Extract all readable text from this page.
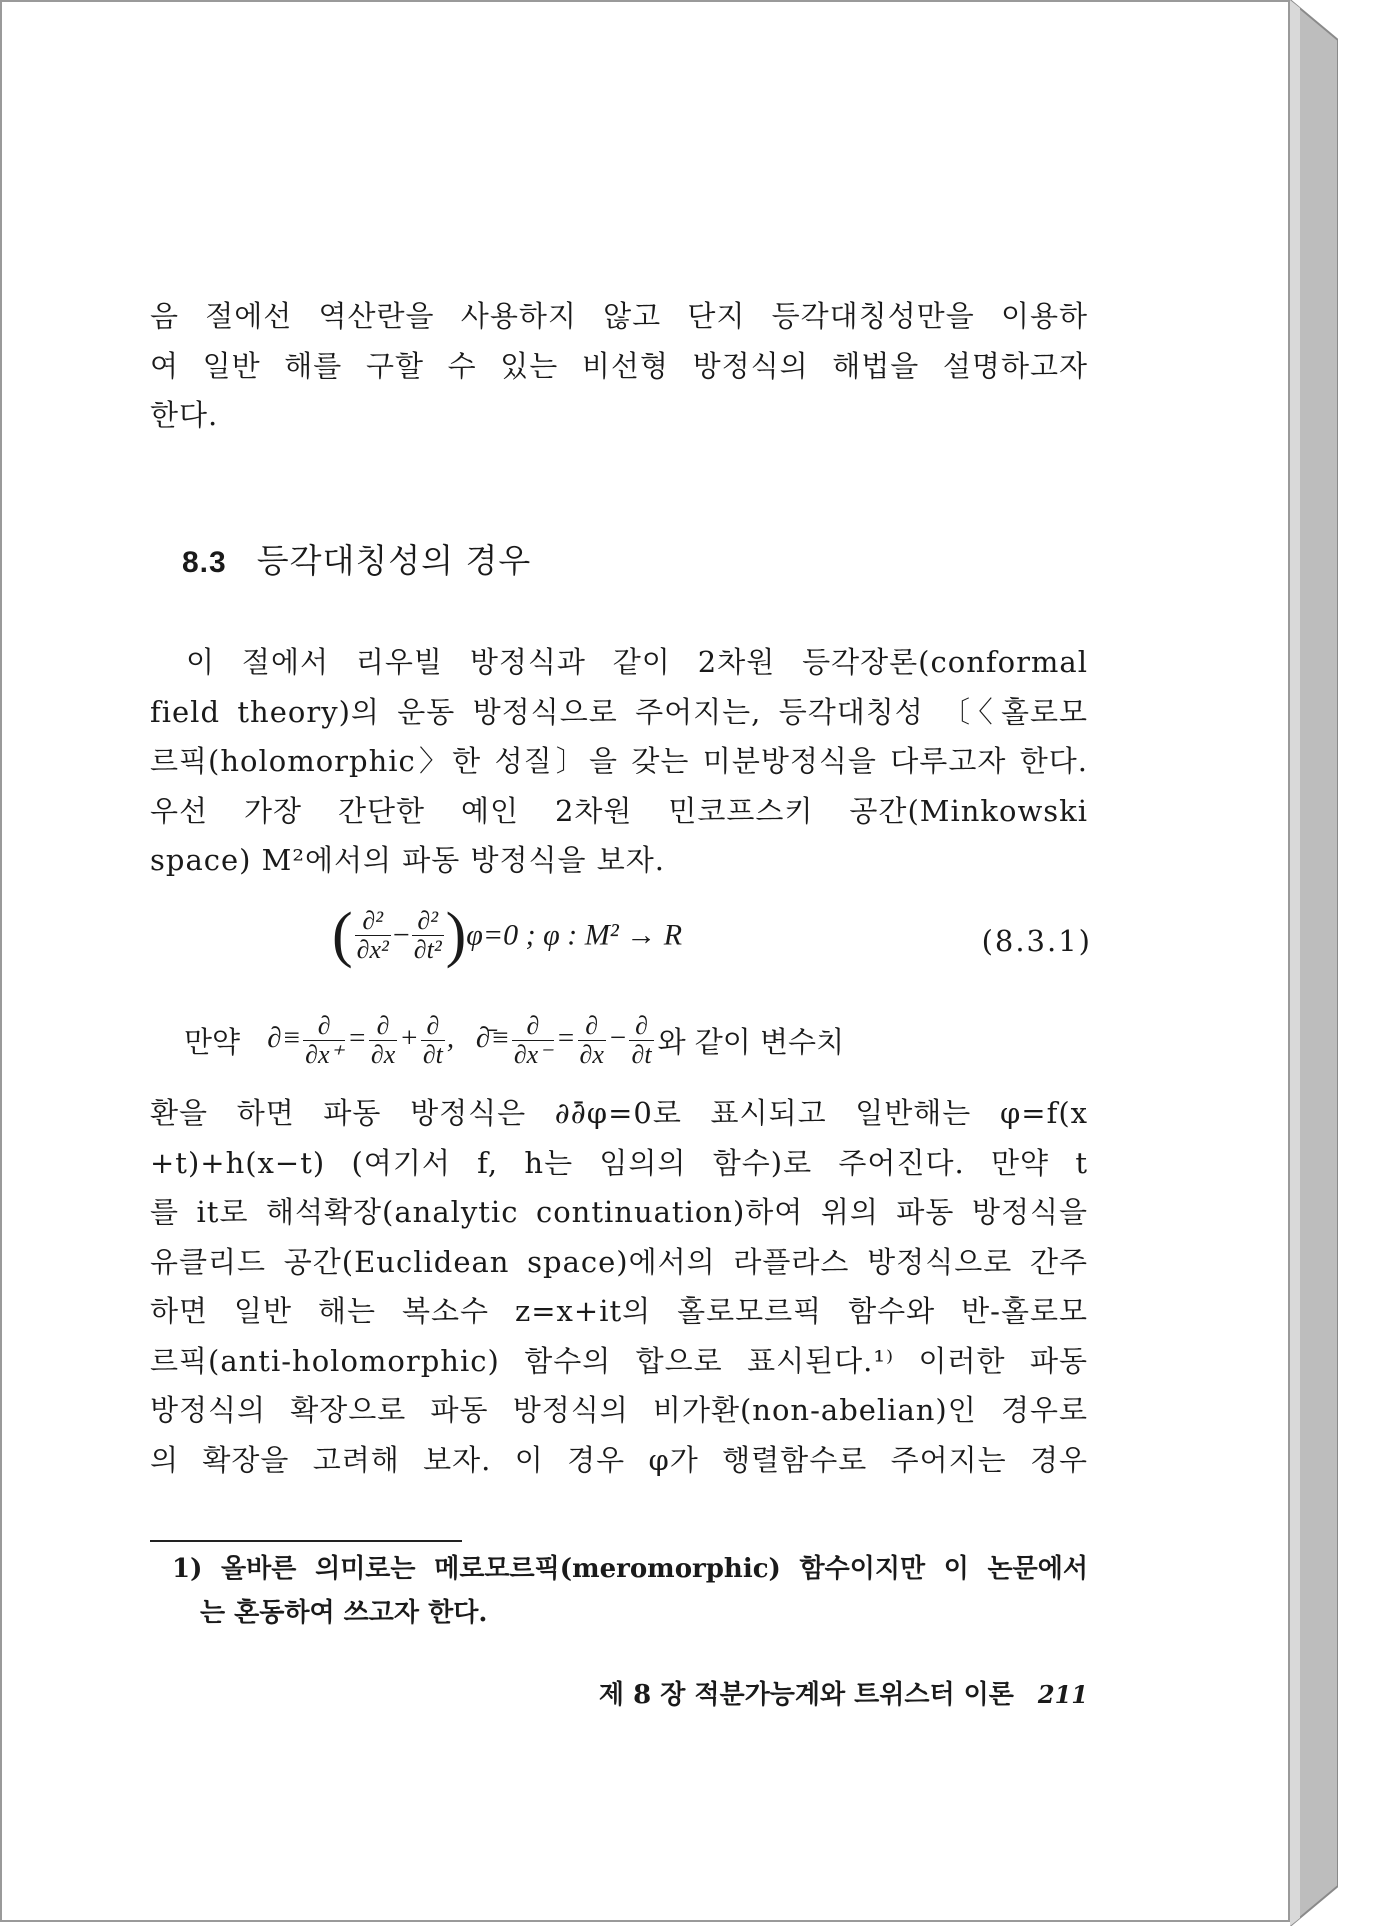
음 절에선 역산란을 사용하지 않고 단지 등각대칭성만을 이용하
여 일반 해를 구할 수 있는 비선형 방정식의 해법을 설명하고자
한다.
8.3 등각대칭성의 경우
이 절에서 리우빌 방정식과 같이 2차원 등각장론(conformal
field theory)의 운동 방정식으로 주어지는, 등각대칭성 〔〈홀로모
르픽(holomorphic〉한 성질〕을 갖는 미분방정식을 다루고자 한다.
우선 가장 간단한 예인 2차원 민코프스키 공간(Minkowski
space) M²에서의 파동 방정식을 보자.
( $\frac{\text{∂²}}{\text{∂x²}} - \frac{\text{∂²}}{\text{∂t²}} )\varphi=0$ ; φ : M² → R	(8.3.1)
만약 ∂≡ $\frac{\partial}{\partial x^+} = \frac{\partial}{\partial x} + \frac{\partial}{\partial t}$ ,   ∂̄≡ $\frac{\partial}{\partial x^-} = \frac{\partial}{\partial x} - \frac{\partial}{\partial t}$ 와 같이 변수치
환을 하면 파동 방정식은 ∂∂̄φ=0로 표시되고 일반해는 φ=f(x
+t)+h(x−t) (여기서 f, h는 임의의 함수)로 주어진다. 만약 t
를 it로 해석확장(analytic continuation)하여 위의 파동 방정식을
유클리드 공간(Euclidean space)에서의 라플라스 방정식으로 간주
하면 일반 해는 복소수 z=x+it의 홀로모르픽 함수와 반-홀로모
르픽(anti-holomorphic) 함수의 합으로 표시된다.¹⁾ 이러한 파동
방정식의 확장으로 파동 방정식의 비가환(non-abelian)인 경우로
의 확장을 고려해 보자. 이 경우 φ가 행렬함수로 주어지는 경우
1) 올바른 의미로는 메로모르픽(meromorphic) 함수이지만 이 논문에서
는 혼동하여 쓰고자 한다.
제 8 장 적분가능계와 트위스터 이론 211
